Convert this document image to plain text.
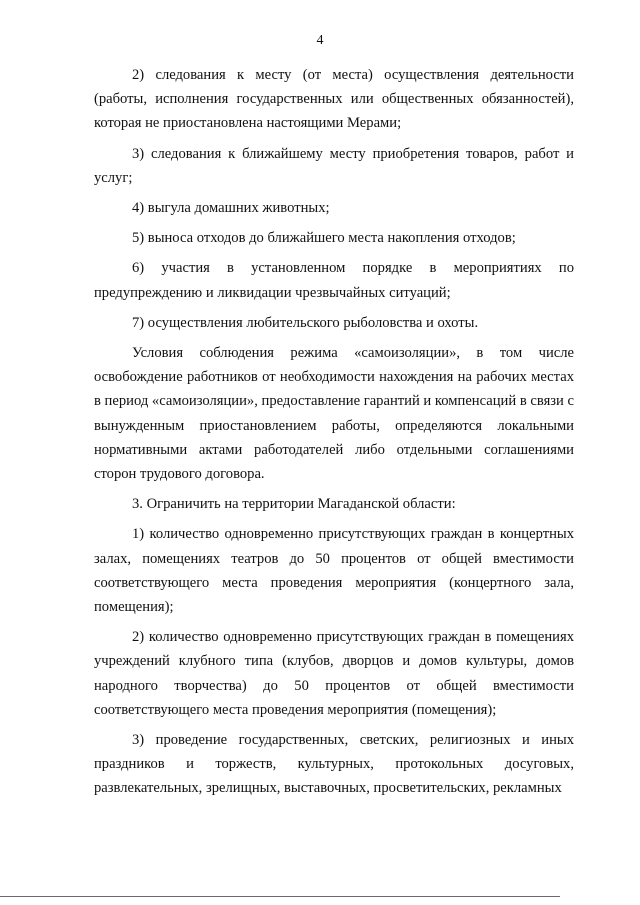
4

2) следования к месту (от места) осуществления деятельности (работы, исполнения государственных или общественных обязанностей), которая не приостановлена настоящими Мерами;

3) следования к ближайшему месту приобретения товаров, работ и услуг;

4) выгула домашних животных;

5) выноса отходов до ближайшего места накопления отходов;

6) участия в установленном порядке в мероприятиях по предупреждению и ликвидации чрезвычайных ситуаций;

7) осуществления любительского рыболовства и охоты.

Условия соблюдения режима «самоизоляции», в том числе освобождение работников от необходимости нахождения на рабочих местах в период «самоизоляции», предоставление гарантий и компенсаций в связи с вынужденным приостановлением работы, определяются локальными нормативными актами работодателей либо отдельными соглашениями сторон трудового договора.

3. Ограничить на территории Магаданской области:

1) количество одновременно присутствующих граждан в концертных залах, помещениях театров до 50 процентов от общей вместимости соответствующего места проведения мероприятия (концертного зала, помещения);

2) количество одновременно присутствующих граждан в помещениях учреждений клубного типа (клубов, дворцов и домов культуры, домов народного творчества) до 50 процентов от общей вместимости соответствующего места проведения мероприятия (помещения);

3) проведение государственных, светских, религиозных и иных праздников и торжеств, культурных, протокольных досуговых, развлекательных, зрелищных, выставочных, просветительских, рекламных
